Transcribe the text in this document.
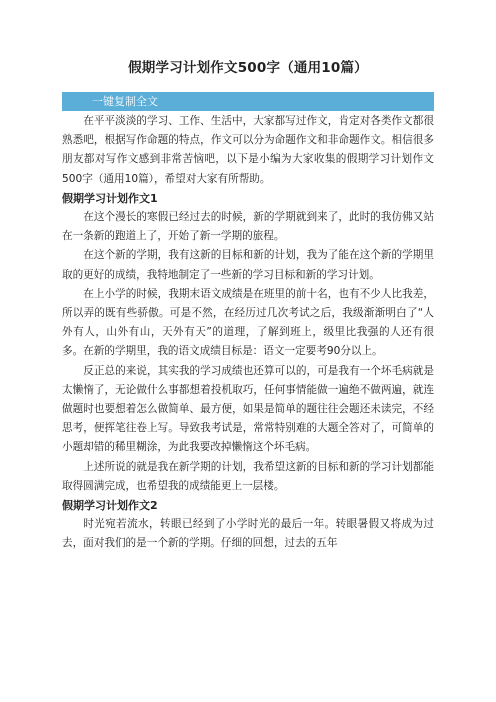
假期学习计划作文500字（通用10篇）
一键复制全文

在平平淡淡的学习、工作、生活中，大家都写过作文，肯定对各类作文都很熟悉吧，根据写作命题的特点，作文可以分为命题作文和非命题作文。相信很多朋友都对写作文感到非常苦恼吧，以下是小编为大家收集的假期学习计划作文500字（通用10篇），希望对大家有所帮助。

假期学习计划作文1

在这个漫长的寒假已经过去的时候，新的学期就到来了，此时的我仿佛又站在一条新的跑道上了，开始了新一学期的旅程。

在这个新的学期，我有这新的目标和新的计划，我为了能在这个新的学期里取的更好的成绩，我特地制定了一些新的学习目标和新的学习计划。

在上小学的时候，我期末语文成绩是在班里的前十名，也有不少人比我差，所以弄的既有些骄傲。可是不然，在经历过几次考试之后，我级渐渐明白了“人外有人，山外有山，天外有天”的道理，了解到班上，级里比我强的人还有很多。在新的学期里，我的语文成绩目标是：语文一定要考90分以上。

反正总的来说，其实我的学习成绩也还算可以的，可是我有一个坏毛病就是太懒惰了，无论做什么事都想着投机取巧，任何事情能做一遍绝不做两遍，就连做题时也要想着怎么做简单、最方便，如果是简单的题往往会题还未读完，不经思考，便挥笔往卷上写。导致我考试是，常常特别难的大题全答对了，可简单的小题却错的稀里糊涂，为此我要改掉懒惰这个坏毛病。

上述所说的就是我在新学期的计划，我希望这新的目标和新的学习计划都能取得圆满完成，也希望我的成绩能更上一层楼。

假期学习计划作文2

时光宛若流水，转眼已经到了小学时光的最后一年。转眼暑假又将成为过去，面对我们的是一个新的学期。仔细的回想，过去的五年
